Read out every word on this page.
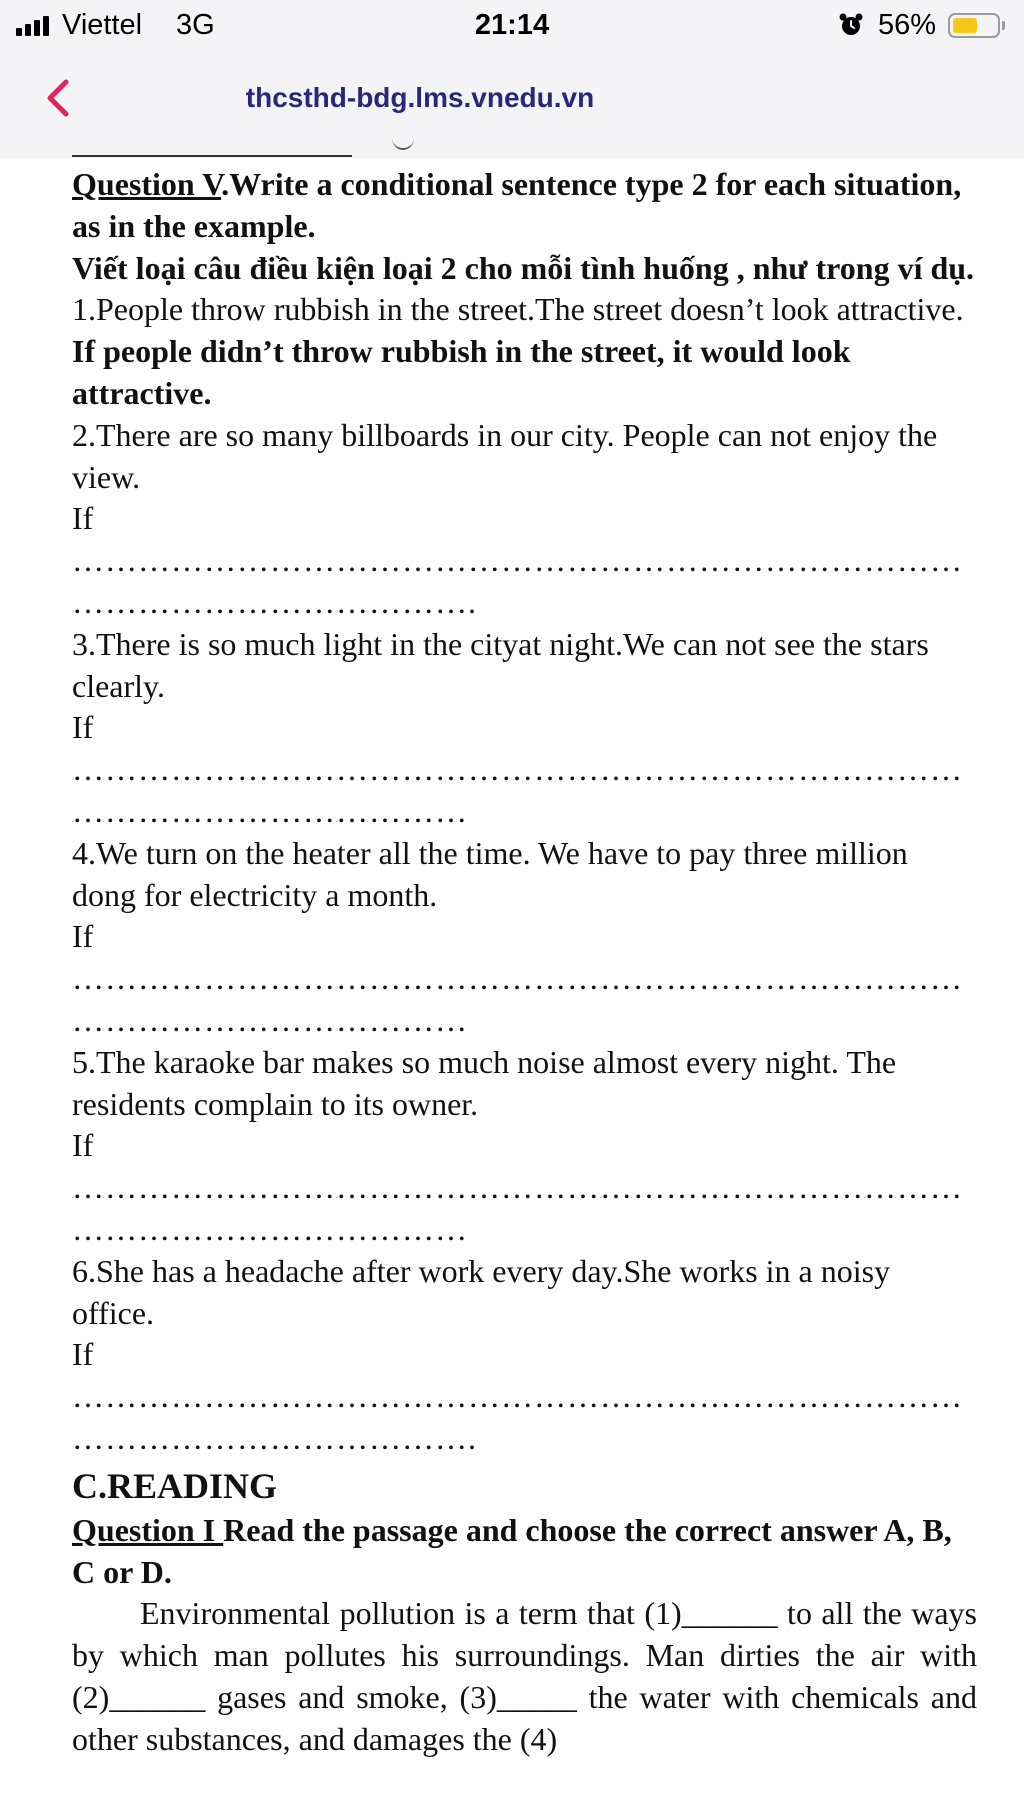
Viettel 3G	21:14	56%
thcsthd-bdg.lms.vnedu.vn

Question V.Write a conditional sentence type 2 for each situation, as in the example.

Viết loại câu điều kiện loại 2 cho mỗi tình huống , như trong ví dụ.

1.People throw rubbish in the street.The street doesn’t look attractive.

If people didn’t throw rubbish in the street, it would look attractive.

2.There are so many billboards in our city. People can not enjoy the view.

If

………………………………………………………………………

……………………………….

3.There is so much light in the cityat night.We can not see the stars clearly.

If

………………………………………………………………………

………………………………

4.We turn on the heater all the time. We have to pay three million dong for electricity a month.

If

………………………………………………………………………

………………………………

5.The karaoke bar makes so much noise almost every night. The residents complain to its owner.

If

………………………………………………………………………

………………………………

6.She has a headache after work every day.She works in a noisy office.

If

………………………………………………………………………

……………………………….

C.READING

Question I Read the passage and choose the correct answer A, B, C or D.

Environmental pollution is a term that (1)______ to all the ways by which man pollutes his surroundings. Man dirties the air with (2)______ gases and smoke, (3)_____ the water with chemicals and other substances, and damages the (4)
